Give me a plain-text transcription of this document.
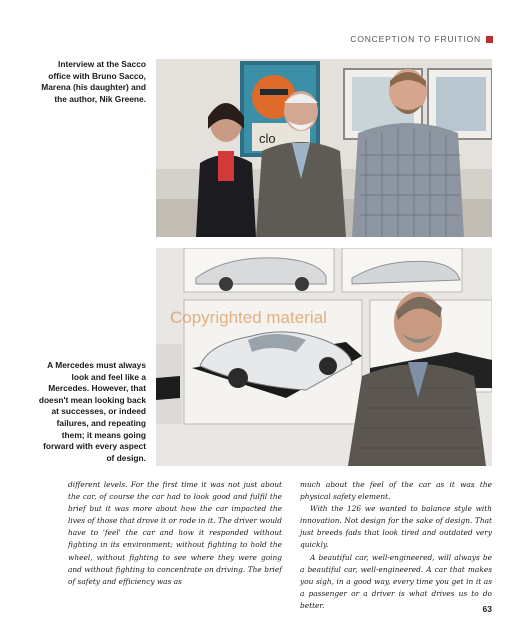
CONCEPTION TO FRUITION
Interview at the Sacco office with Bruno Sacco, Marena (his daughter) and the author, Nik Greene.
clo
Copyrighted material
A Mercedes must always look and feel like a Mercedes. However, that doesn't mean looking back at successes, or indeed failures, and repeating them; it means going forward with every aspect of design.

different levels. For the first time it was not just about the car, of course the car had to look good and fulfil the brief but it was more about how the car impacted the lives of those that drove it or rode in it. The driver would have to 'feel' the car and how it responded without fighting in its environment; without fighting to hold the wheel, without fighting to see where they were going and without fighting to concentrate on driving. The brief of safety and efficiency was as

much about the feel of the car as it was the physical safety element.

With the 126 we wanted to balance style with innovation. Not design for the sake of design. That just breeds fads that look tired and outdated very quickly.

A beautiful car, well-engineered, will always be a beautiful car, well-engineered. A car that makes you sigh, in a good way, every time you get in it as a passenger or a driver is what drives us to do better.	63
